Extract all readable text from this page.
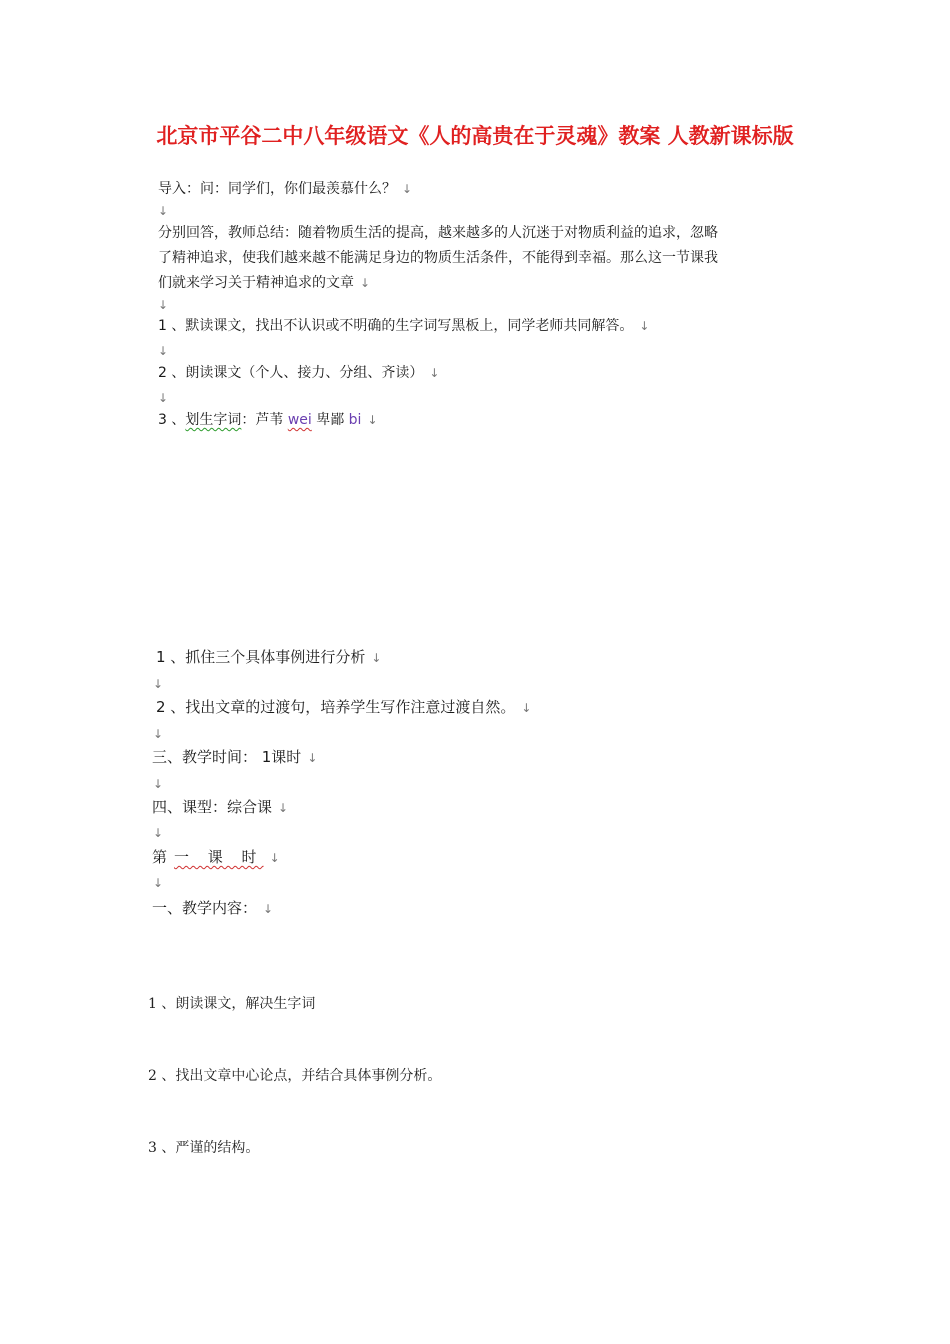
北京市平谷二中八年级语文《人的高贵在于灵魂》教案 人教新课标版
导入：问：同学们，你们最羡慕什么？ ↓
↓
分别回答，教师总结：随着物质生活的提高，越来越多的人沉迷于对物质利益的追求，忽略
了精神追求，使我们越来越不能满足身边的物质生活条件，不能得到幸福。那么这一节课我
们就来学习关于精神追求的文章 ↓
↓
1 、默读课文，找出不认识或不明确的生字词写黑板上，同学老师共同解答。 ↓
↓
2 、朗读课文（个人、接力、分组、齐读） ↓
↓
3 、划生字词：芦苇 wei 卑鄙 bi ↓
1 、抓住三个具体事例进行分析 ↓
↓
2 、找出文章的过渡句，培养学生写作注意过渡自然。 ↓
↓
三、教学时间： 1课时 ↓
↓
四、课型：综合课 ↓
↓
第一 课 时 ↓
↓
一、教学内容： ↓
1 、朗读课文，解决生字词
2 、找出文章中心论点，并结合具体事例分析。
3 、严谨的结构。
